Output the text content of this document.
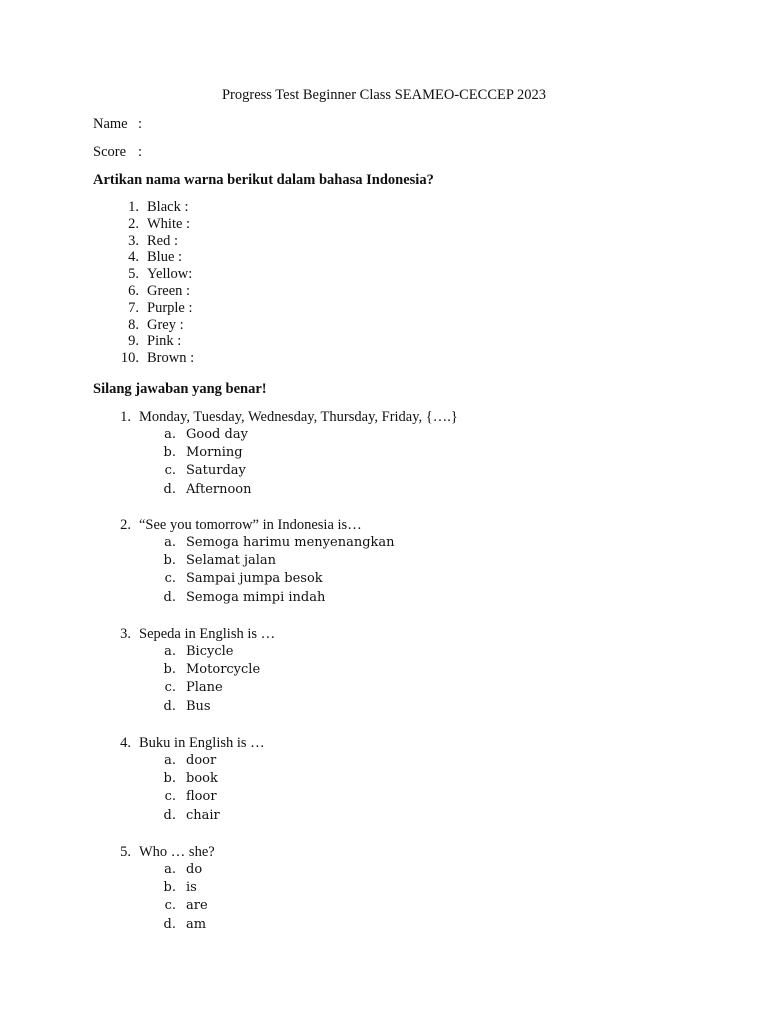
Progress Test Beginner Class SEAMEO-CECCEP 2023
Name :
Score :
Artikan nama warna berikut dalam bahasa Indonesia?
1. Black :
2. White :
3. Red :
4. Blue :
5. Yellow:
6. Green :
7. Purple :
8. Grey :
9. Pink :
10. Brown :
Silang jawaban yang benar!
1. Monday, Tuesday, Wednesday, Thursday, Friday, {….}
a. Good day
b. Morning
c. Saturday
d. Afternoon
2. “See you tomorrow” in Indonesia is…
a. Semoga harimu menyenangkan
b. Selamat jalan
c. Sampai jumpa besok
d. Semoga mimpi indah
3. Sepeda in English is …
a. Bicycle
b. Motorcycle
c. Plane
d. Bus
4. Buku in English is …
a. door
b. book
c. floor
d. chair
5. Who … she?
a. do
b. is
c. are
d. am
